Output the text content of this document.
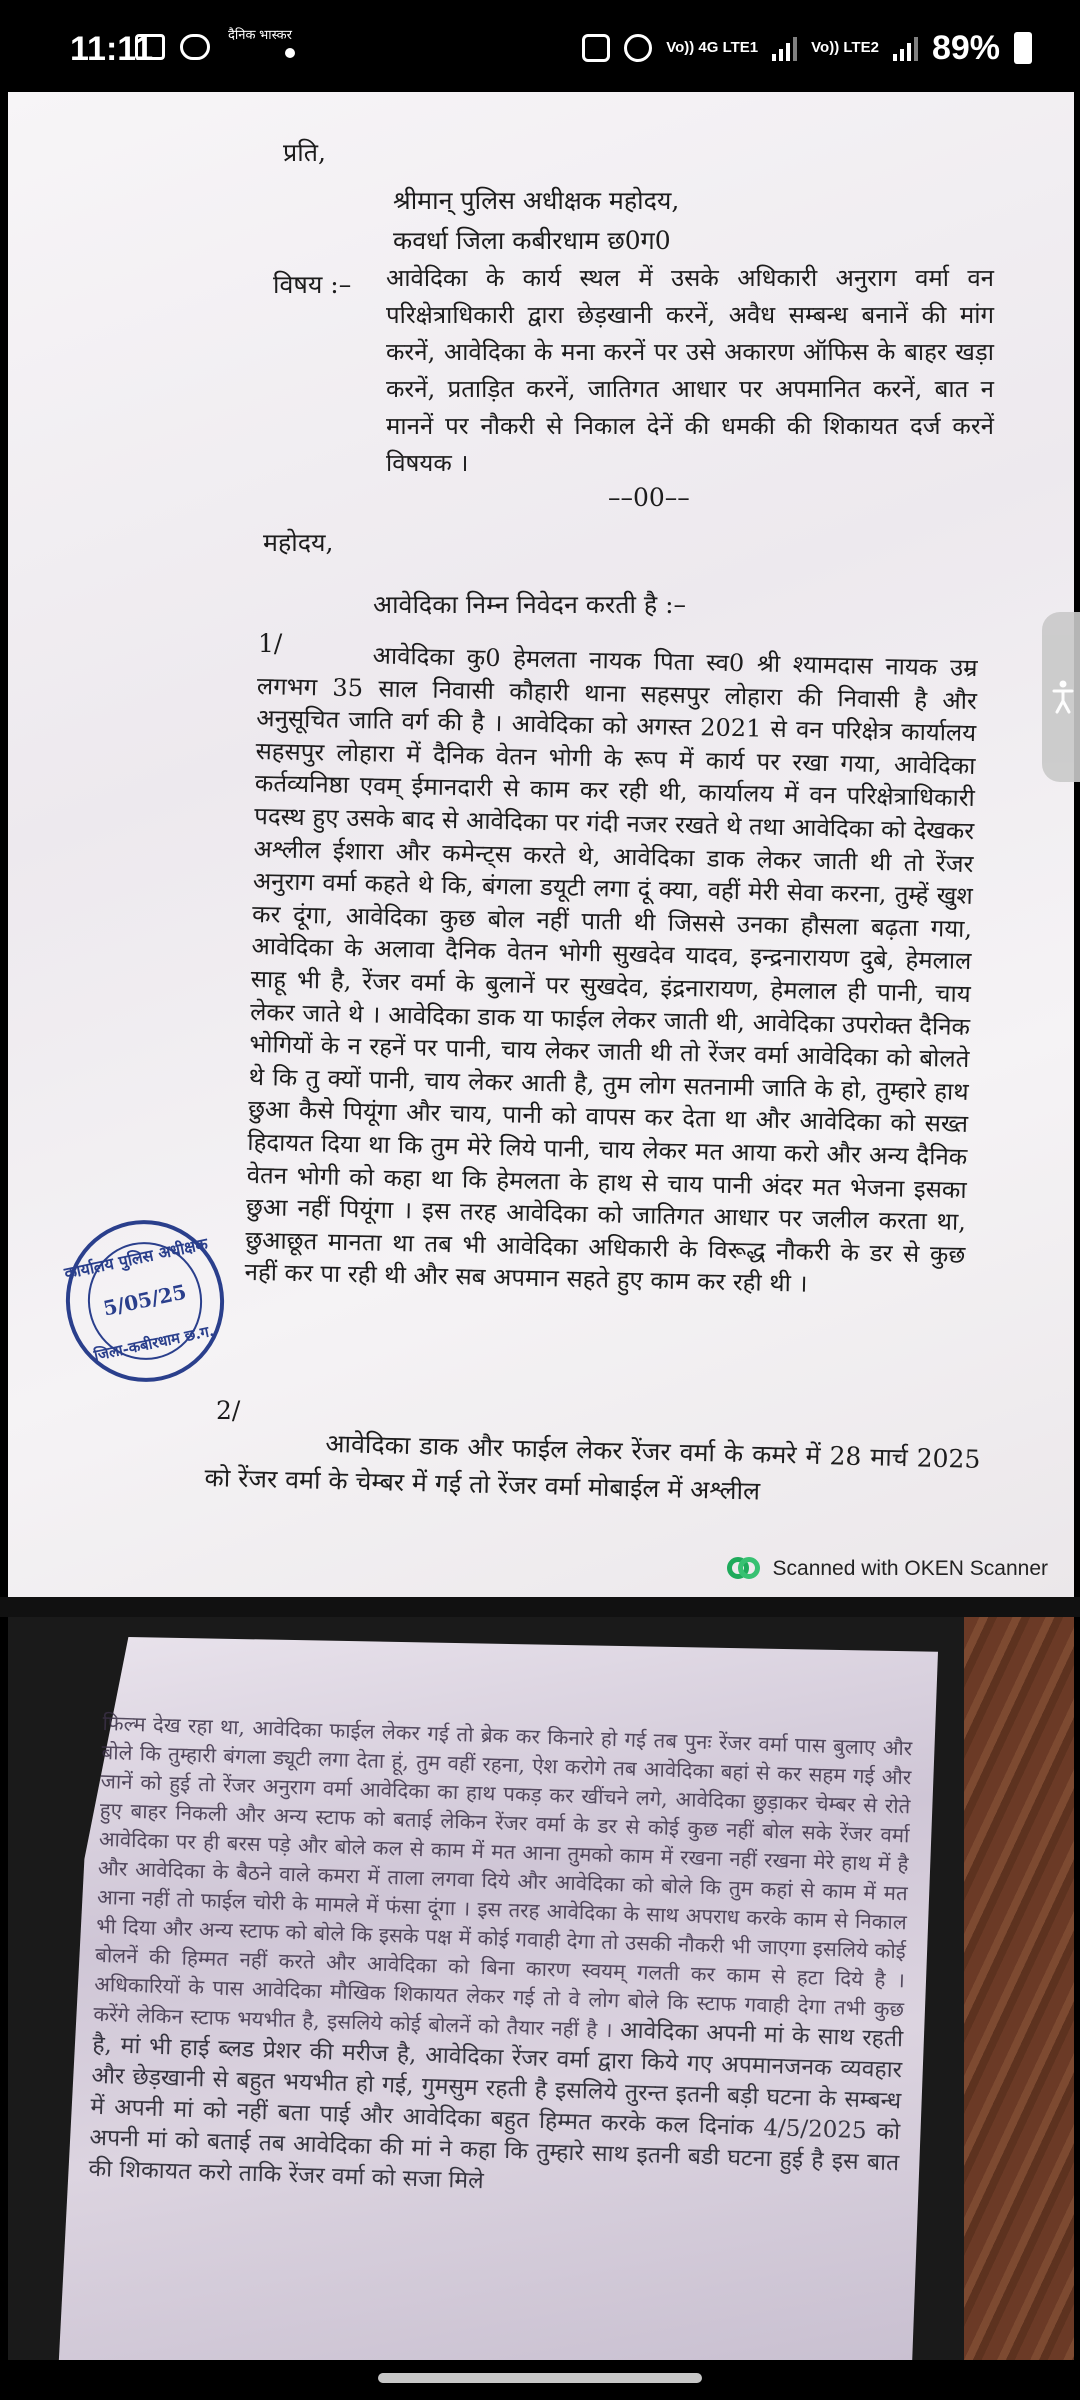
11:11	दैनिक भास्कर
Vo)) 4G LTE1	Vo)) LTE2 89%
प्रति,
श्रीमान् पुलिस अधीक्षक महोदय,
कवर्धा जिला कबीरधाम छ0ग0
विषय :– आवेदिका के कार्य स्थल में उसके अधिकारी अनुराग वर्मा वन परिक्षेत्राधिकारी द्वारा छेड़खानी करनें, अवैध सम्बन्ध बनानें की मांग करनें, आवेदिका के मना करनें पर उसे अकारण ऑफिस के बाहर खड़ा करनें, प्रताड़ित करनें, जातिगत आधार पर अपमानित करनें, बात न माननें पर नौकरी से निकाल देनें की धमकी की शिकायत दर्ज करनें विषयक ।
––00––
महोदय,
आवेदिका निम्न निवेदन करती है :–
1/	आवेदिका कु0 हेमलता नायक पिता स्व0 श्री श्यामदास नायक उम्र लगभग 35 साल निवासी कौहारी थाना सहसपुर लोहारा की निवासी है और अनुसूचित जाति वर्ग की है । आवेदिका को अगस्त 2021 से वन परिक्षेत्र कार्यालय सहसपुर लोहारा में दैनिक वेतन भोगी के रूप में कार्य पर रखा गया, आवेदिका कर्तव्यनिष्ठा एवम् ईमानदारी से काम कर रही थी, कार्यालय में वन परिक्षेत्राधिकारी पदस्थ हुए उसके बाद से आवेदिका पर गंदी नजर रखते थे तथा आवेदिका को देखकर अश्लील ईशारा और कमेन्ट्स करते थे, आवेदिका डाक लेकर जाती थी तो रेंजर अनुराग वर्मा कहते थे कि, बंगला डयूटी लगा दूं क्या, वहीं मेरी सेवा करना, तुम्हें खुश कर दूंगा, आवेदिका कुछ बोल नहीं पाती थी जिससे उनका हौसला बढ़ता गया, आवेदिका के अलावा दैनिक वेतन भोगी सुखदेव यादव, इन्द्रनारायण दुबे, हेमलाल साहू भी है, रेंजर वर्मा के बुलानें पर सुखदेव, इंद्रनारायण, हेमलाल ही पानी, चाय लेकर जाते थे । आवेदिका डाक या फाईल लेकर जाती थी, आवेदिका उपरोक्त दैनिक भोगियों के न रहनें पर पानी, चाय लेकर जाती थी तो रेंजर वर्मा आवेदिका को बोलते थे कि तु क्यों पानी, चाय लेकर आती है, तुम लोग सतनामी जाति के हो, तुम्हारे हाथ छुआ कैसे पियूंगा और चाय, पानी को वापस कर देता था और आवेदिका को सख्त हिदायत दिया था कि तुम मेरे लिये पानी, चाय लेकर मत आया करो और अन्य दैनिक वेतन भोगी को कहा था कि हेमलता के हाथ से चाय पानी अंदर मत भेजना इसका छुआ नहीं पियूंगा । इस तरह आवेदिका को जातिगत आधार पर जलील करता था, छुआछूत मानता था तब भी आवेदिका अधिकारी के विरूद्ध नौकरी के डर से कुछ नहीं कर पा रही थी और सब अपमान सहते हुए काम कर रही थी ।
2/
आवेदिका डाक और फाईल लेकर रेंजर वर्मा के कमरे में 28 मार्च 2025 को रेंजर वर्मा के चेम्बर में गई तो रेंजर वर्मा मोबाईल में अश्लील
कार्यालय पुलिस अधीक्षक
5/05/25
जिला-कबीरधाम छ.ग.
Scanned with OKEN Scanner
फिल्म देख रहा था, आवेदिका फाईल लेकर गई तो ब्रेक कर किनारे हो गई तब पुनः रेंजर वर्मा पास बुलाए और बोले कि तुम्हारी बंगला ड्यूटी लगा देता हूं, तुम वहीं रहना, ऐश करोगे तब आवेदिका बहां से कर सहम गई और जानें को हुई तो रेंजर अनुराग वर्मा आवेदिका का हाथ पकड़ कर खींचने लगे, आवेदिका छुड़ाकर चेम्बर से रोते हुए बाहर निकली और अन्य स्टाफ को बताई लेकिन रेंजर वर्मा के डर से कोई कुछ नहीं बोल सके रेंजर वर्मा आवेदिका पर ही बरस पड़े और बोले कल से काम में मत आना तुमको काम में रखना नहीं रखना मेरे हाथ में है और आवेदिका के बैठने वाले कमरा में ताला लगवा दिये और आवेदिका को बोले कि तुम कहां से काम में मत आना नहीं तो फाईल चोरी के मामले में फंसा दूंगा । इस तरह आवेदिका के साथ अपराध करके काम से निकाल भी दिया और अन्य स्टाफ को बोले कि इसके पक्ष में कोई गवाही देगा तो उसकी नौकरी भी जाएगा इसलिये कोई बोलनें की हिम्मत नहीं करते और आवेदिका को बिना कारण स्वयम् गलती कर काम से हटा दिये है । अधिकारियों के पास आवेदिका मौखिक शिकायत लेकर गई तो वे लोग बोले कि स्टाफ गवाही देगा तभी कुछ करेंगे लेकिन स्टाफ भयभीत है, इसलिये कोई बोलनें को तैयार नहीं है । आवेदिका अपनी मां के साथ रहती है, मां भी हाई ब्लड प्रेशर की मरीज है, आवेदिका रेंजर वर्मा द्वारा किये गए अपमानजनक व्यवहार और छेड़खानी से बहुत भयभीत हो गई, गुमसुम रहती है इसलिये तुरन्त इतनी बड़ी घटना के सम्बन्ध में अपनी मां को नहीं बता पाई और आवेदिका बहुत हिम्मत करके कल दिनांक 4/5/2025 को अपनी मां को बताई तब आवेदिका की मां ने कहा कि तुम्हारे साथ इतनी बडी घटना हुई है इस बात की शिकायत करो ताकि रेंजर वर्मा को सजा मिले
